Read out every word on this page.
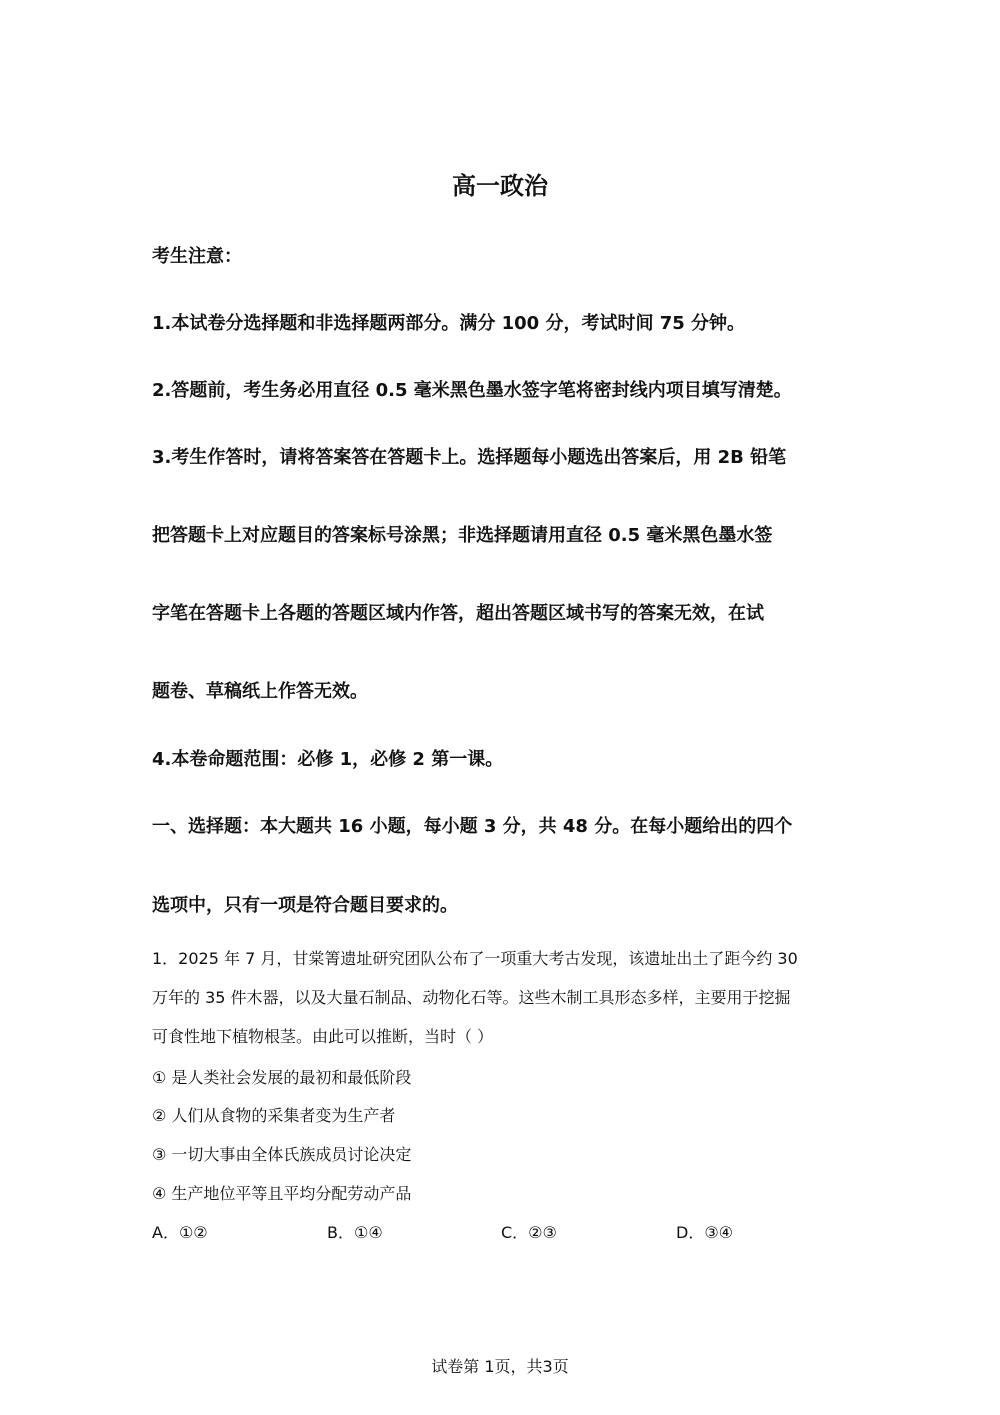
高一政治
考生注意：
1.本试卷分选择题和非选择题两部分。满分 100 分，考试时间 75 分钟。
2.答题前，考生务必用直径 0.5 毫米黑色墨水签字笔将密封线内项目填写清楚。
3.考生作答时，请将答案答在答题卡上。选择题每小题选出答案后，用 2B 铅笔
把答题卡上对应题目的答案标号涂黑；非选择题请用直径 0.5 毫米黑色墨水签
字笔在答题卡上各题的答题区域内作答，超出答题区域书写的答案无效，在试
题卷、草稿纸上作答无效。
4.本卷命题范围：必修 1，必修 2 第一课。
一、选择题：本大题共 16 小题，每小题 3 分，共 48 分。在每小题给出的四个
选项中，只有一项是符合题目要求的。
1．2025 年 7 月，甘棠箐遗址研究团队公布了一项重大考古发现，该遗址出土了距今约 30
万年的 35 件木器，以及大量石制品、动物化石等。这些木制工具形态多样，主要用于挖掘
可食性地下植物根茎。由此可以推断，当时（ ）
① 是人类社会发展的最初和最低阶段
② 人们从食物的采集者变为生产者
③ 一切大事由全体氏族成员讨论决定
④ 生产地位平等且平均分配劳动产品
A．①②	B．①④	C．②③	D．③④
试卷第 1页，共3页
